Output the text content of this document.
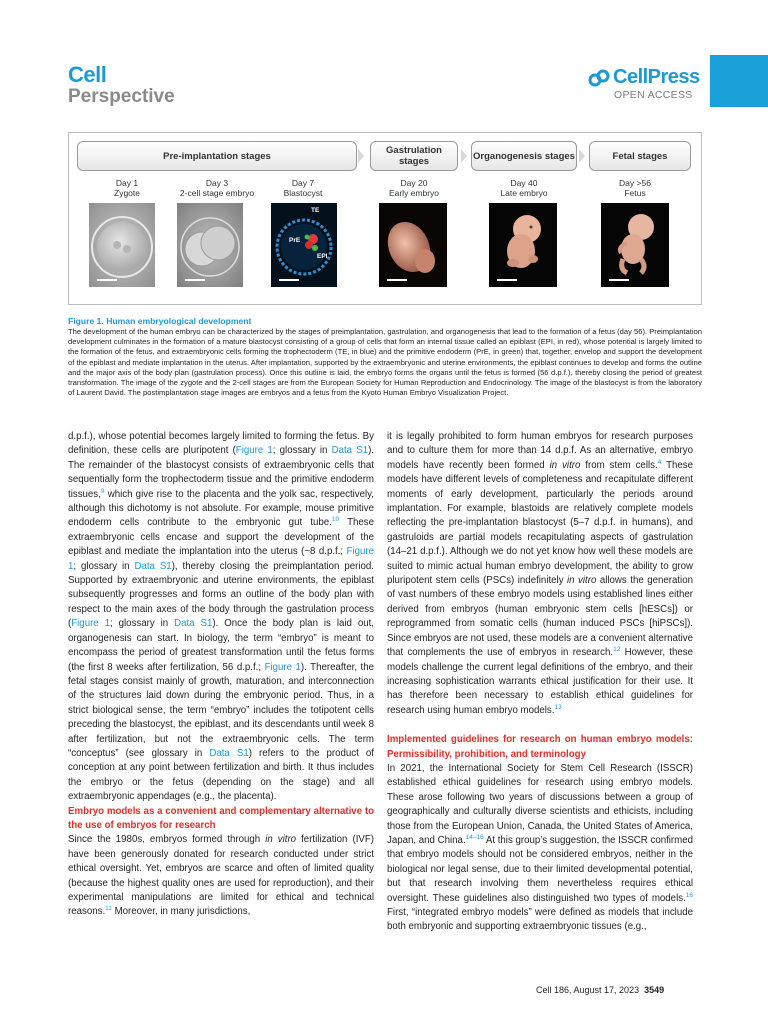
Cell
Perspective
CellPress
OPEN ACCESS
Pre-implantation stages	Gastrulation stages	Organogenesis stages	Fetal stages
Day 1
Zygote
Day 3
2-cell stage embryo
Day 7
Blastocyst
Day 20
Early embryo
Day 40
Late embryo
Day >56
Fetus
TE
PrE
EPI
Figure 1. Human embryological development
The development of the human embryo can be characterized by the stages of preimplantation, gastrulation, and organogenesis that lead to the formation of a fetus (day 56). Preimplantation development culminates in the formation of a mature blastocyst consisting of a group of cells that form an internal tissue called an epiblast (EPI, in red), whose potential is largely limited to the formation of the fetus, and extraembryonic cells forming the trophectoderm (TE, in blue) and the primitive endoderm (PrE, in green) that, together, envelop and support the development of the epiblast and mediate implantation in the uterus. After implantation, supported by the extraembryonic and uterine environments, the epiblast continues to develop and forms the outline and the major axis of the body plan (gastrulation process). Once this outline is laid, the embryo forms the organs until the fetus is formed (56 d.p.f.), thereby closing the period of greatest transformation. The image of the zygote and the 2-cell stages are from the European Society for Human Reproduction and Endocrinology. The image of the blastocyst is from the laboratory of Laurent David. The postimplantation stage images are embryos and a fetus from the Kyoto Human Embryo Visualization Project.

d.p.f.), whose potential becomes largely limited to forming the fetus. By definition, these cells are pluripotent (Figure 1; glossary in Data S1). The remainder of the blastocyst consists of extraembryonic cells that sequentially form the trophectoderm tissue and the primitive endoderm tissues,$^9$ which give rise to the placenta and the yolk sac, respectively, although this dichotomy is not absolute. For example, mouse primitive endoderm cells contribute to the embryonic gut tube.$^{10}$ These extraembryonic cells encase and support the development of the epiblast and mediate the implantation into the uterus (~8 d.p.f.; Figure 1; glossary in Data S1), thereby closing the preimplantation period. Supported by extraembryonic and uterine environments, the epiblast subsequently progresses and forms an outline of the body plan with respect to the main axes of the body through the gastrulation process (Figure 1; glossary in Data S1). Once the body plan is laid out, organogenesis can start. In biology, the term “embryo” is meant to encompass the period of greatest transformation until the fetus forms (the first 8 weeks after fertilization, 56 d.p.f.; Figure 1). Thereafter, the fetal stages consist mainly of growth, maturation, and interconnection of the structures laid down during the embryonic period. Thus, in a strict biological sense, the term “embryo” includes the totipotent cells preceding the blastocyst, the epiblast, and its descendants until week 8 after fertilization, but not the extraembryonic cells. The term “conceptus” (see glossary in Data S1) refers to the product of conception at any point between fertilization and birth. It thus includes the embryo or the fetus (depending on the stage) and all extraembryonic appendages (e.g., the placenta).

Embryo models as a convenient and complementary alternative to the use of embryos for research

Since the 1980s, embryos formed through in vitro fertilization (IVF) have been generously donated for research conducted under strict ethical oversight. Yet, embryos are scarce and often of limited quality (because the highest quality ones are used for reproduction), and their experimental manipulations are limited for ethical and technical reasons.$^{11}$ Moreover, in many jurisdictions,

it is legally prohibited to form human embryos for research purposes and to culture them for more than 14 d.p.f. As an alternative, embryo models have recently been formed in vitro from stem cells.$^4$ These models have different levels of completeness and recapitulate different moments of early development, particularly the periods around implantation. For example, blastoids are relatively complete models reflecting the pre-implantation blastocyst (5–7 d.p.f. in humans), and gastruloids are partial models recapitulating aspects of gastrulation (14–21 d.p.f.). Although we do not yet know how well these models are suited to mimic actual human embryo development, the ability to grow pluripotent stem cells (PSCs) indefinitely in vitro allows the generation of vast numbers of these embryo models using established lines either derived from embryos (human embryonic stem cells [hESCs]) or reprogrammed from somatic cells (human induced PSCs [hiPSCs]). Since embryos are not used, these models are a convenient alternative that complements the use of embryos in research.$^{12}$ However, these models challenge the current legal definitions of the embryo, and their increasing sophistication warrants ethical justification for their use. It has therefore been necessary to establish ethical guidelines for research using human embryo models.$^{13}$

Implemented guidelines for research on human embryo models: Permissibility, prohibition, and terminology

In 2021, the International Society for Stem Cell Research (ISSCR) established ethical guidelines for research using embryo models. These arose following two years of discussions between a group of geographically and culturally diverse scientists and ethicists, including those from the European Union, Canada, the United States of America, Japan, and China.$^{14-16}$ At this group’s suggestion, the ISSCR confirmed that embryo models should not be considered embryos, neither in the biological nor legal sense, due to their limited developmental potential, but that research involving them nevertheless requires ethical oversight. These guidelines also distinguished two types of models.$^{16}$ First, “integrated embryo models” were defined as models that include both embryonic and supporting extraembryonic tissues (e.g.,

Cell 186, August 17, 2023 3549
